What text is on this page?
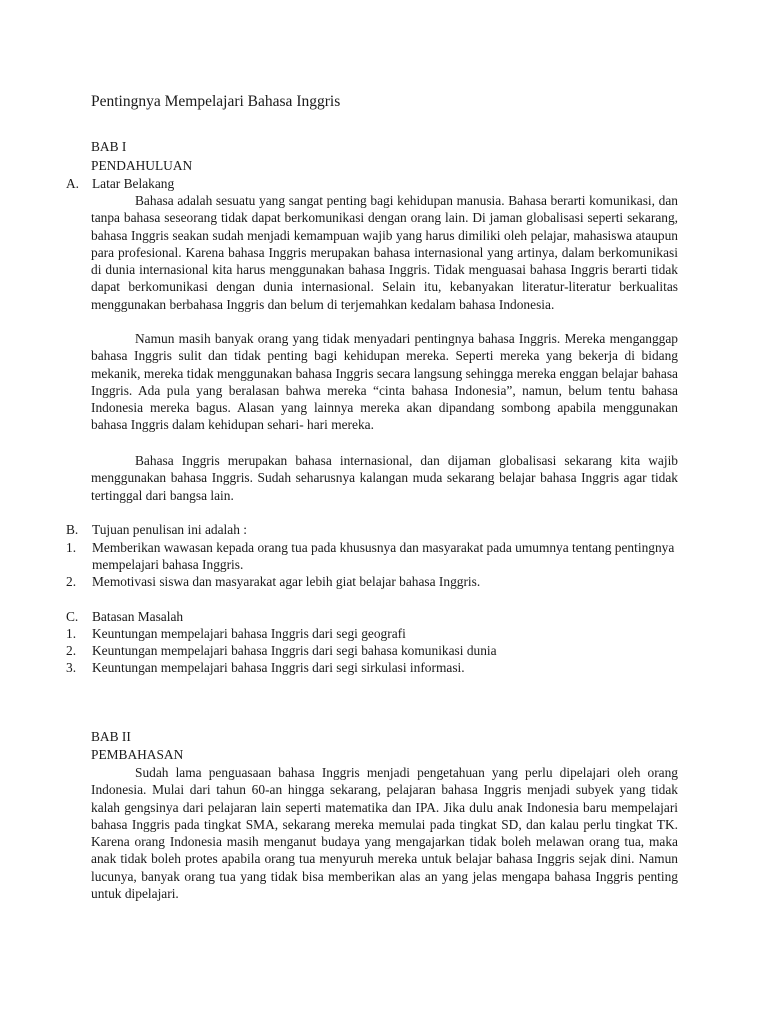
Pentingnya Mempelajari Bahasa Inggris
BAB I
PENDAHULUAN
A. Latar Belakang

Bahasa adalah sesuatu yang sangat penting bagi kehidupan manusia. Bahasa berarti komunikasi, dan tanpa bahasa seseorang tidak dapat berkomunikasi dengan orang lain. Di jaman globalisasi seperti sekarang, bahasa Inggris seakan sudah menjadi kemampuan wajib yang harus dimiliki oleh pelajar, mahasiswa ataupun para profesional. Karena bahasa Inggris merupakan bahasa internasional yang artinya, dalam berkomunikasi di dunia internasional kita harus menggunakan bahasa Inggris. Tidak menguasai bahasa Inggris berarti tidak dapat berkomunikasi dengan dunia internasional. Selain itu, kebanyakan literatur-literatur berkualitas menggunakan berbahasa Inggris dan belum di terjemahkan kedalam bahasa Indonesia.

Namun masih banyak orang yang tidak menyadari pentingnya bahasa Inggris. Mereka menganggap bahasa Inggris sulit dan tidak penting bagi kehidupan mereka. Seperti mereka yang bekerja di bidang mekanik, mereka tidak menggunakan bahasa Inggris secara langsung sehingga mereka enggan belajar bahasa Inggris. Ada pula yang beralasan bahwa mereka “cinta bahasa Indonesia”, namun, belum tentu bahasa Indonesia mereka bagus. Alasan yang lainnya mereka akan dipandang sombong apabila menggunakan bahasa Inggris dalam kehidupan sehari- hari mereka.

Bahasa Inggris merupakan bahasa internasional, dan dijaman globalisasi sekarang kita wajib menggunakan bahasa Inggris. Sudah seharusnya kalangan muda sekarang belajar bahasa Inggris agar tidak tertinggal dari bangsa lain.

B. Tujuan penulisan ini adalah :
1. Memberikan wawasan kepada orang tua pada khususnya dan masyarakat pada umumnya tentang pentingnya mempelajari bahasa Inggris.
2. Memotivasi siswa dan masyarakat agar lebih giat belajar bahasa Inggris.
C. Batasan Masalah
1. Keuntungan mempelajari bahasa Inggris dari segi geografi
2. Keuntungan mempelajari bahasa Inggris dari segi bahasa komunikasi dunia
3. Keuntungan mempelajari bahasa Inggris dari segi sirkulasi informasi.
BAB II
PEMBAHASAN

Sudah lama penguasaan bahasa Inggris menjadi pengetahuan yang perlu dipelajari oleh orang Indonesia. Mulai dari tahun 60-an hingga sekarang, pelajaran bahasa Inggris menjadi subyek yang tidak kalah gengsinya dari pelajaran lain seperti matematika dan IPA. Jika dulu anak Indonesia baru mempelajari bahasa Inggris pada tingkat SMA, sekarang mereka memulai pada tingkat SD, dan kalau perlu tingkat TK. Karena orang Indonesia masih menganut budaya yang mengajarkan tidak boleh melawan orang tua, maka anak tidak boleh protes apabila orang tua menyuruh mereka untuk belajar bahasa Inggris sejak dini. Namun lucunya, banyak orang tua yang tidak bisa memberikan alas an yang jelas mengapa bahasa Inggris penting untuk dipelajari.
